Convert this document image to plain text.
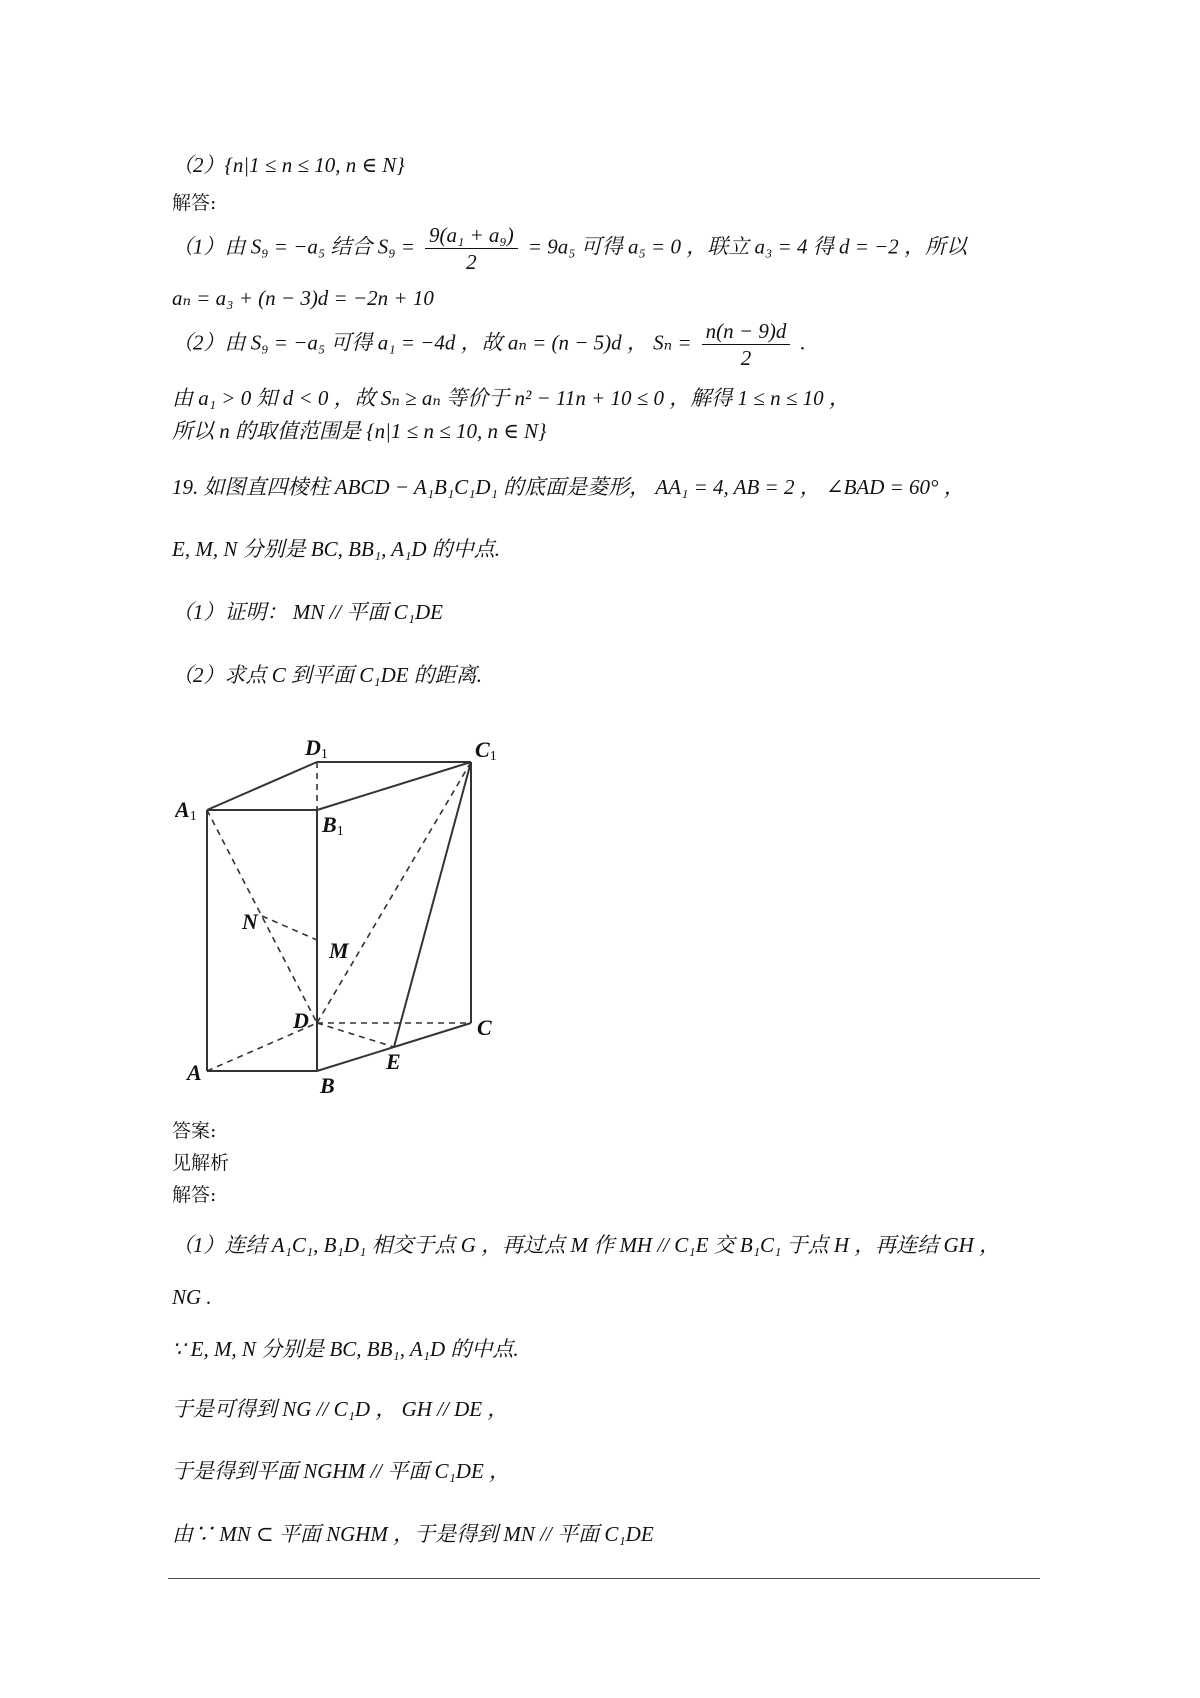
（2）{n|1 ≤ n ≤ 10, n ∈ N}
解答:
（1）由 S₉ = −a₅ 结合 $S_9 = \frac{\text{9(a₁ + a₉)}}{2} = 9a_5$ 可得 a₅ = 0 ，联立 a₃ = 4 得 d = −2 ，所以
aₙ = a₃ + (n − 3)d = −2n + 10
（2）由 S₉ = −a₅ 可得 a₁ = −4d ，故 aₙ = (n − 5)d ， $S_n = \frac{n(n - 9)d}{2}$ .
由 a₁ > 0 知 d < 0 ，故 Sₙ ≥ aₙ 等价于 n² − 11n + 10 ≤ 0 ，解得 1 ≤ n ≤ 10 ，
所以 n 的取值范围是 {n|1 ≤ n ≤ 10, n ∈ N}
19. 如图直四棱柱 ABCD − A₁B₁C₁D₁ 的底面是菱形， AA₁ = 4, AB = 2 ， ∠BAD = 60° ，
E, M, N 分别是 BC, BB₁, A₁D 的中点.
（1）证明： MN // 平面 C₁DE
（2）求点 C 到平面 C₁DE 的距离.
A1	B1
C1
D1
A
B
C
D
E
M
N
答案:
见解析
解答:
（1）连结 A₁C₁, B₁D₁ 相交于点 G ，再过点 M 作 MH // C₁E 交 B₁C₁ 于点 H ，再连结 GH ，
NG .
∵ E, M, N 分别是 BC, BB₁, A₁D 的中点.
于是可得到 NG // C₁D ， GH // DE ，
于是得到平面 NGHM // 平面 C₁DE ，
由∵ MN ⊂ 平面 NGHM ，于是得到 MN // 平面 C₁DE
